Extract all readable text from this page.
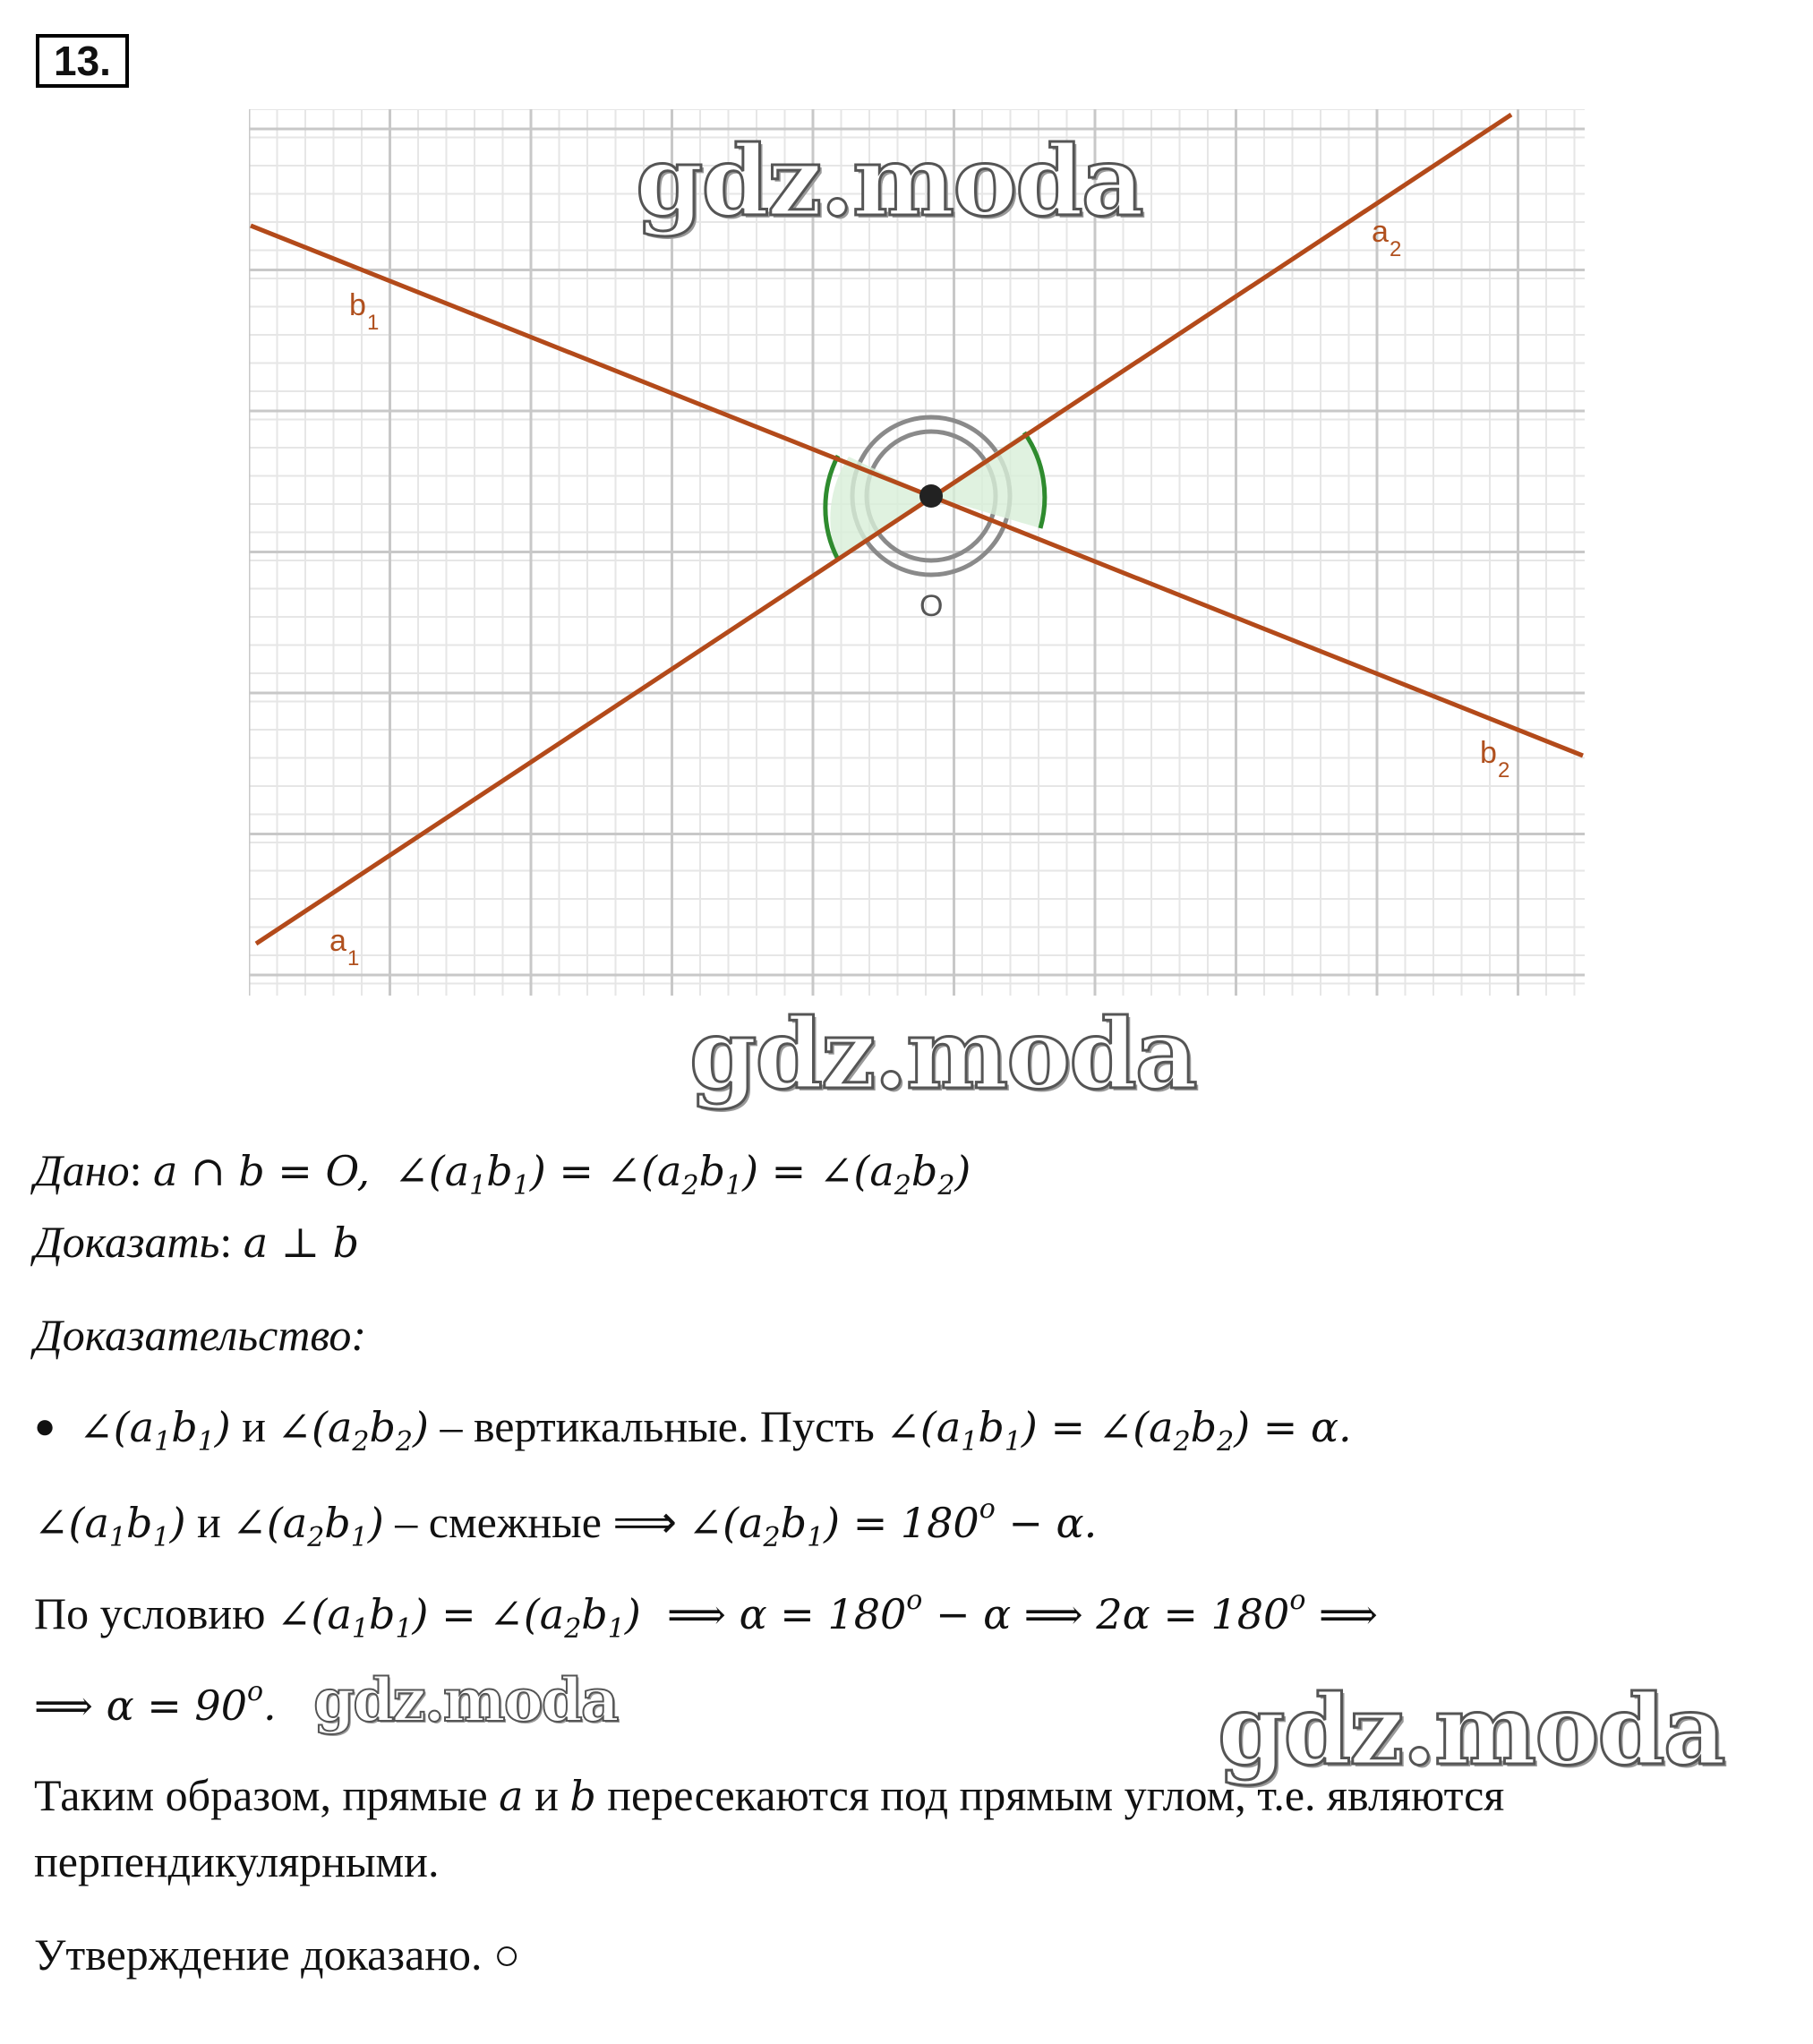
13.
O
b
1
a
2
b
2
a
1
gdz.moda
gdz.moda
gdz.moda	gdz.moda
Дано: a ∩ b = O,  $\angle(a_1b_1)$ = $\angle(a_2b_1)$ = $\angle(a_2b_2)$
Доказать: a ⊥ b
Доказательство:
● $\angle(a_1b_1)$ и $\angle(a_2b_2)$ – вертикальные. Пусть $\angle(a_1b_1)$ = $\angle(a_2b_2) = \alpha$.
$\angle(a_1b_1)$ и $\angle(a_2b_1)$ – смежные ⟹ $\angle(a_2b_1) = 180^o - \alpha$.
По условию $\angle(a_1b_1)$ = $\angle(a_2b_1)$  ⟹ $\alpha = 180^o - \alpha$ ⟹ $2\alpha = 180^o$ ⟹
⟹ $\alpha = 90^o$.
Таким образом, прямые a и b пересекаются под прямым углом, т.е. являются
перпендикулярными.
Утверждение доказано. ○
